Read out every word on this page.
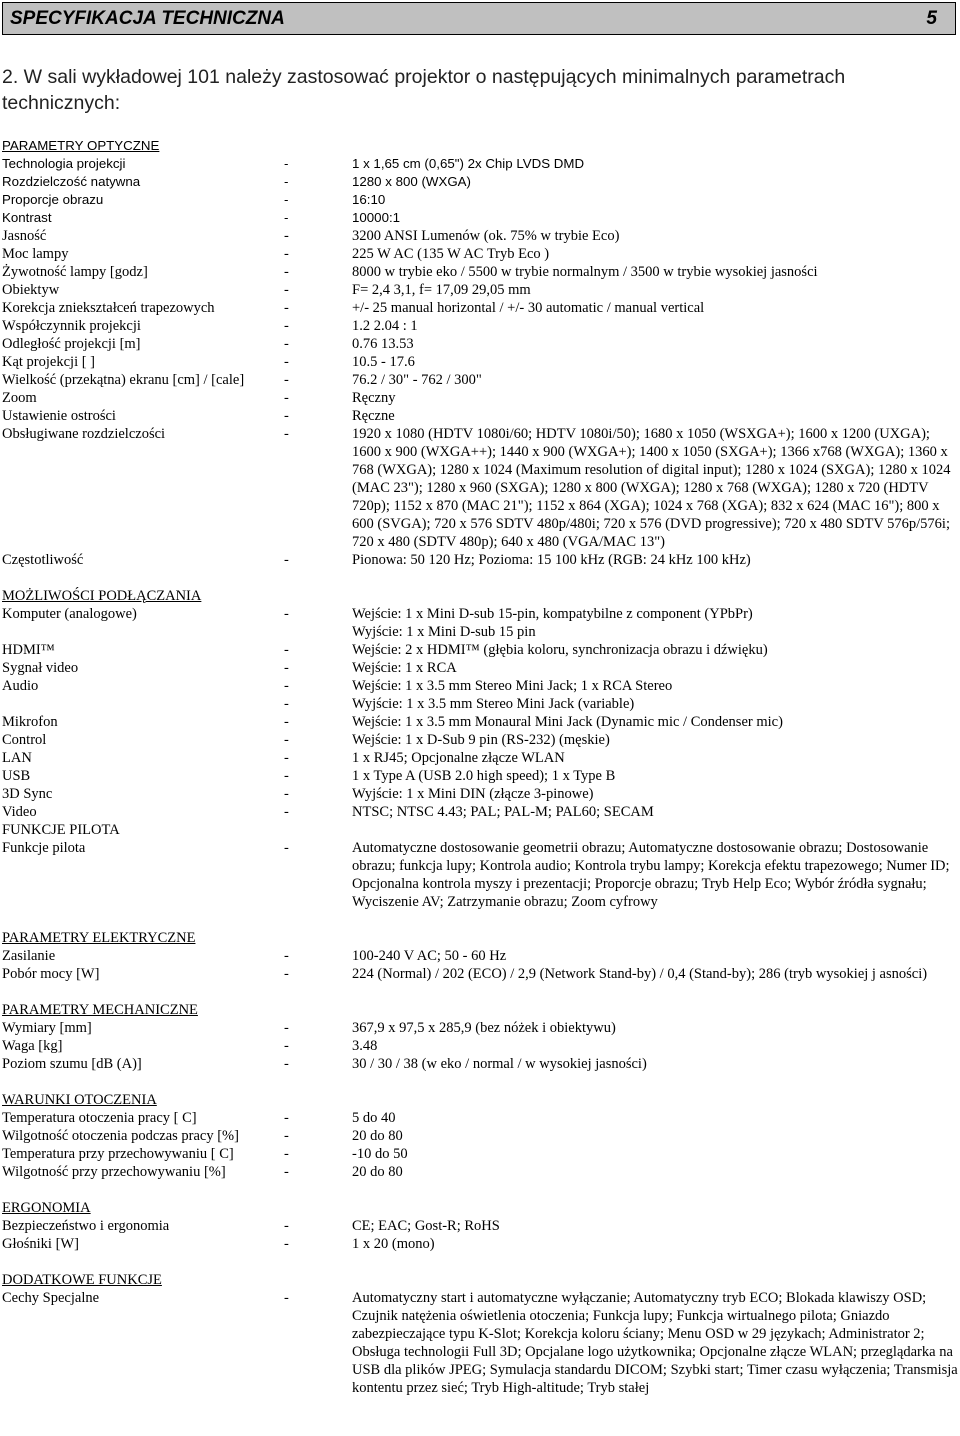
SPECYFIKACJA TECHNICZNA	5
2. W sali wykładowej 101 należy zastosować projektor o następujących minimalnych parametrach technicznych:
PARAMETRY OPTYCZNE
Technologia projekcji	-	1 x 1,65 cm (0,65") 2x Chip LVDS DMD
Rozdzielczość natywna	-	1280 x 800 (WXGA)
Proporcje obrazu	-	16:10
Kontrast	-	10000:1
Jasność	-	3200 ANSI Lumenów (ok. 75% w trybie Eco)
Moc lampy	-	225 W AC (135 W AC Tryb Eco )
Żywotność lampy [godz]	-	8000 w trybie eko / 5500 w trybie normalnym / 3500 w trybie wysokiej jasności
Obiektyw	-	F= 2,4 3,1, f= 17,09 29,05 mm
Korekcja zniekształceń trapezowych	-	+/- 25 manual horizontal / +/- 30 automatic / manual vertical
Współczynnik projekcji	-	1.2 2.04 : 1
Odległość projekcji [m]	-	0.76 13.53
Kąt projekcji [ ]	-	10.5 - 17.6
Wielkość (przekątna) ekranu [cm] / [cale]	-	76.2 / 30" - 762 / 300"
Zoom	-	Ręczny
Ustawienie ostrości	-	Ręczne
Obsługiwane rozdzielczości	-	1920 x 1080 (HDTV 1080i/60; HDTV 1080i/50); 1680 x 1050 (WSXGA+); 1600 x 1200 (UXGA); 1600 x 900 (WXGA++); 1440 x 900 (WXGA+); 1400 x 1050 (SXGA+); 1366 x768 (WXGA); 1360 x 768 (WXGA); 1280 x 1024 (Maximum resolution of digital input); 1280 x 1024 (SXGA); 1280 x 1024 (MAC 23"); 1280 x 960 (SXGA); 1280 x 800 (WXGA); 1280 x 768 (WXGA); 1280 x 720 (HDTV 720p); 1152 x 870 (MAC 21"); 1152 x 864 (XGA); 1024 x 768 (XGA); 832 x 624 (MAC 16"); 800 x 600 (SVGA); 720 x 576 SDTV 480p/480i; 720 x 576 (DVD progressive); 720 x 480 SDTV 576p/576i; 720 x 480 (SDTV 480p); 640 x 480 (VGA/MAC 13")
Częstotliwość	-	Pionowa: 50 120 Hz; Pozioma: 15 100 kHz (RGB: 24 kHz 100 kHz)
MOŻLIWOŚCI PODŁĄCZANIA
Komputer (analogowe)	-	Wejście: 1 x Mini D-sub 15-pin, kompatybilne z component (YPbPr)
Wyjście: 1 x Mini D-sub 15 pin
HDMI™	-	Wejście: 2 x HDMI™ (głębia koloru, synchronizacja obrazu i dźwięku)
Sygnał video	-	Wejście: 1 x RCA
Audio	-	Wejście: 1 x 3.5 mm Stereo Mini Jack; 1 x RCA Stereo
-	Wyjście: 1 x 3.5 mm Stereo Mini Jack (variable)
Mikrofon	-	Wejście: 1 x 3.5 mm Monaural Mini Jack (Dynamic mic / Condenser mic)
Control	-	Wejście: 1 x D-Sub 9 pin (RS-232) (męskie)
LAN	-	1 x RJ45; Opcjonalne złącze WLAN
USB	-	1 x Type A (USB 2.0 high speed); 1 x Type B
3D Sync	-	Wyjście: 1 x Mini DIN (złącze 3-pinowe)
Video	-	NTSC; NTSC 4.43; PAL; PAL-M; PAL60; SECAM
FUNKCJE PILOTA
Funkcje pilota	-	Automatyczne dostosowanie geometrii obrazu; Automatyczne dostosowanie obrazu; Dostosowanie obrazu; funkcja lupy; Kontrola audio; Kontrola trybu lampy; Korekcja efektu trapezowego; Numer ID; Opcjonalna kontrola myszy i prezentacji; Proporcje obrazu; Tryb Help Eco; Wybór źródła sygnału; Wyciszenie AV; Zatrzymanie obrazu; Zoom cyfrowy
PARAMETRY ELEKTRYCZNE
Zasilanie	-	100-240 V AC; 50 - 60 Hz
Pobór mocy [W]	-	224 (Normal) / 202 (ECO) / 2,9 (Network Stand-by) / 0,4 (Stand-by); 286 (tryb wysokiej j asności)
PARAMETRY MECHANICZNE
Wymiary [mm]	-	367,9 x 97,5 x 285,9 (bez nóżek i obiektywu)
Waga [kg]	-	3.48
Poziom szumu [dB (A)]	-	30 / 30 / 38 (w eko / normal / w wysokiej jasności)
WARUNKI OTOCZENIA
Temperatura otoczenia pracy [ C]	-	5 do 40
Wilgotność otoczenia podczas pracy [%]	-	20 do 80
Temperatura przy przechowywaniu [ C]	-	-10 do 50
Wilgotność przy przechowywaniu [%]	-	20 do 80
ERGONOMIA
Bezpieczeństwo i ergonomia	-	CE; EAC; Gost-R; RoHS
Głośniki [W]	-	1 x 20 (mono)
DODATKOWE FUNKCJE
Cechy Specjalne	-	Automatyczny start i automatyczne wyłączanie; Automatyczny tryb ECO; Blokada klawiszy OSD; Czujnik natężenia oświetlenia otoczenia; Funkcja lupy; Funkcja wirtualnego pilota; Gniazdo zabezpieczające typu K-Slot; Korekcja koloru ściany; Menu OSD w 29 językach; Administrator 2; Obsługa technologii Full 3D; Opcjalane logo użytkownika; Opcjonalne złącze WLAN; przeglądarka na USB dla plików JPEG; Symulacja standardu DICOM; Szybki start; Timer czasu wyłączenia; Transmisja kontentu przez sieć; Tryb High-altitude; Tryb stałej
